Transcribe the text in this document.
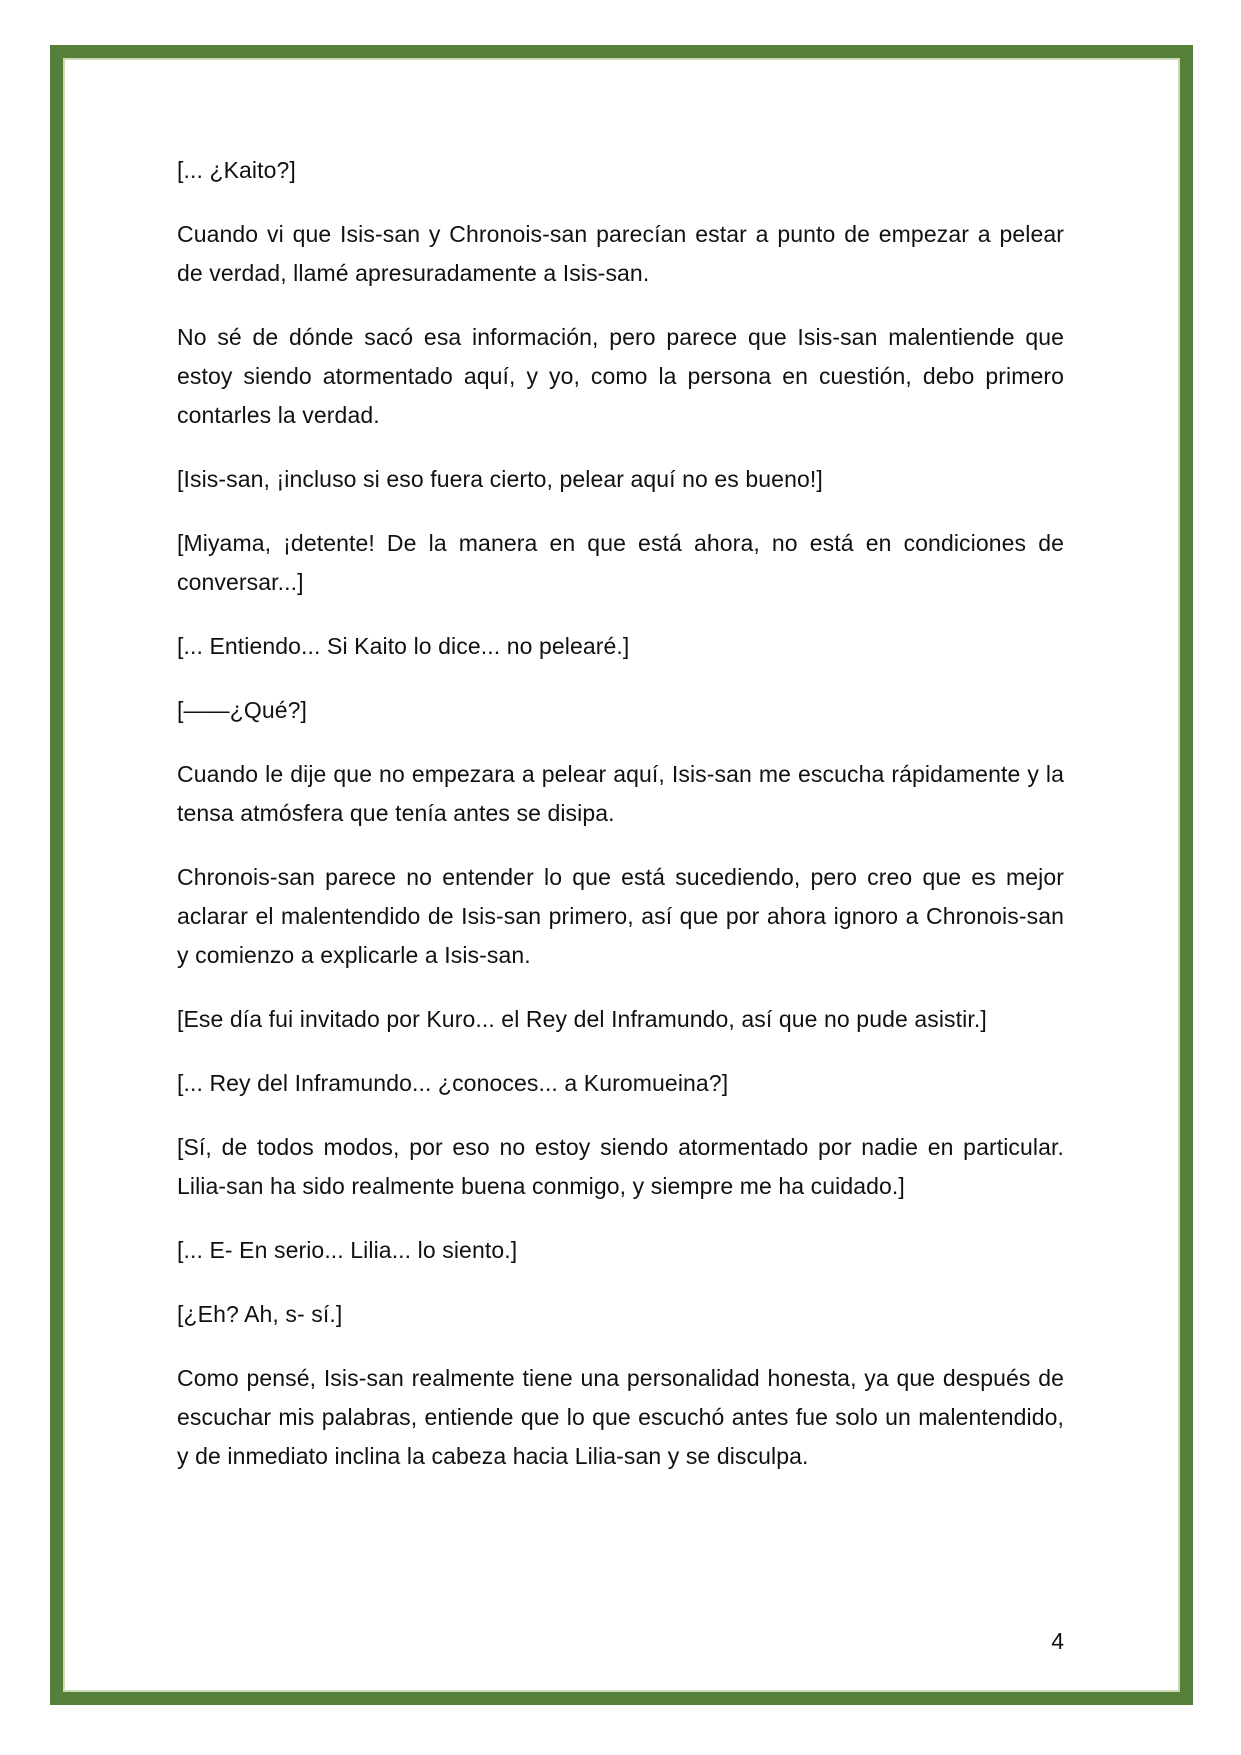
[... ¿Kaito?]

Cuando vi que Isis-san y Chronois-san parecían estar a punto de empezar a pelear de verdad, llamé apresuradamente a Isis-san.

No sé de dónde sacó esa información, pero parece que Isis-san malentiende que estoy siendo atormentado aquí, y yo, como la persona en cuestión, debo primero contarles la verdad.

[Isis-san, ¡incluso si eso fuera cierto, pelear aquí no es bueno!]

[Miyama, ¡detente! De la manera en que está ahora, no está en condiciones de conversar...]

[... Entiendo... Si Kaito lo dice... no pelearé.]

[——¿Qué?]

Cuando le dije que no empezara a pelear aquí, Isis-san me escucha rápidamente y la tensa atmósfera que tenía antes se disipa.

Chronois-san parece no entender lo que está sucediendo, pero creo que es mejor aclarar el malentendido de Isis-san primero, así que por ahora ignoro a Chronois-san y comienzo a explicarle a Isis-san.

[Ese día fui invitado por Kuro... el Rey del Inframundo, así que no pude asistir.]

[... Rey del Inframundo... ¿conoces... a Kuromueina?]

[Sí, de todos modos, por eso no estoy siendo atormentado por nadie en particular. Lilia-san ha sido realmente buena conmigo, y siempre me ha cuidado.]

[... E- En serio... Lilia... lo siento.]

[¿Eh? Ah, s- sí.]

Como pensé, Isis-san realmente tiene una personalidad honesta, ya que después de escuchar mis palabras, entiende que lo que escuchó antes fue solo un malentendido, y de inmediato inclina la cabeza hacia Lilia-san y se disculpa.

4
